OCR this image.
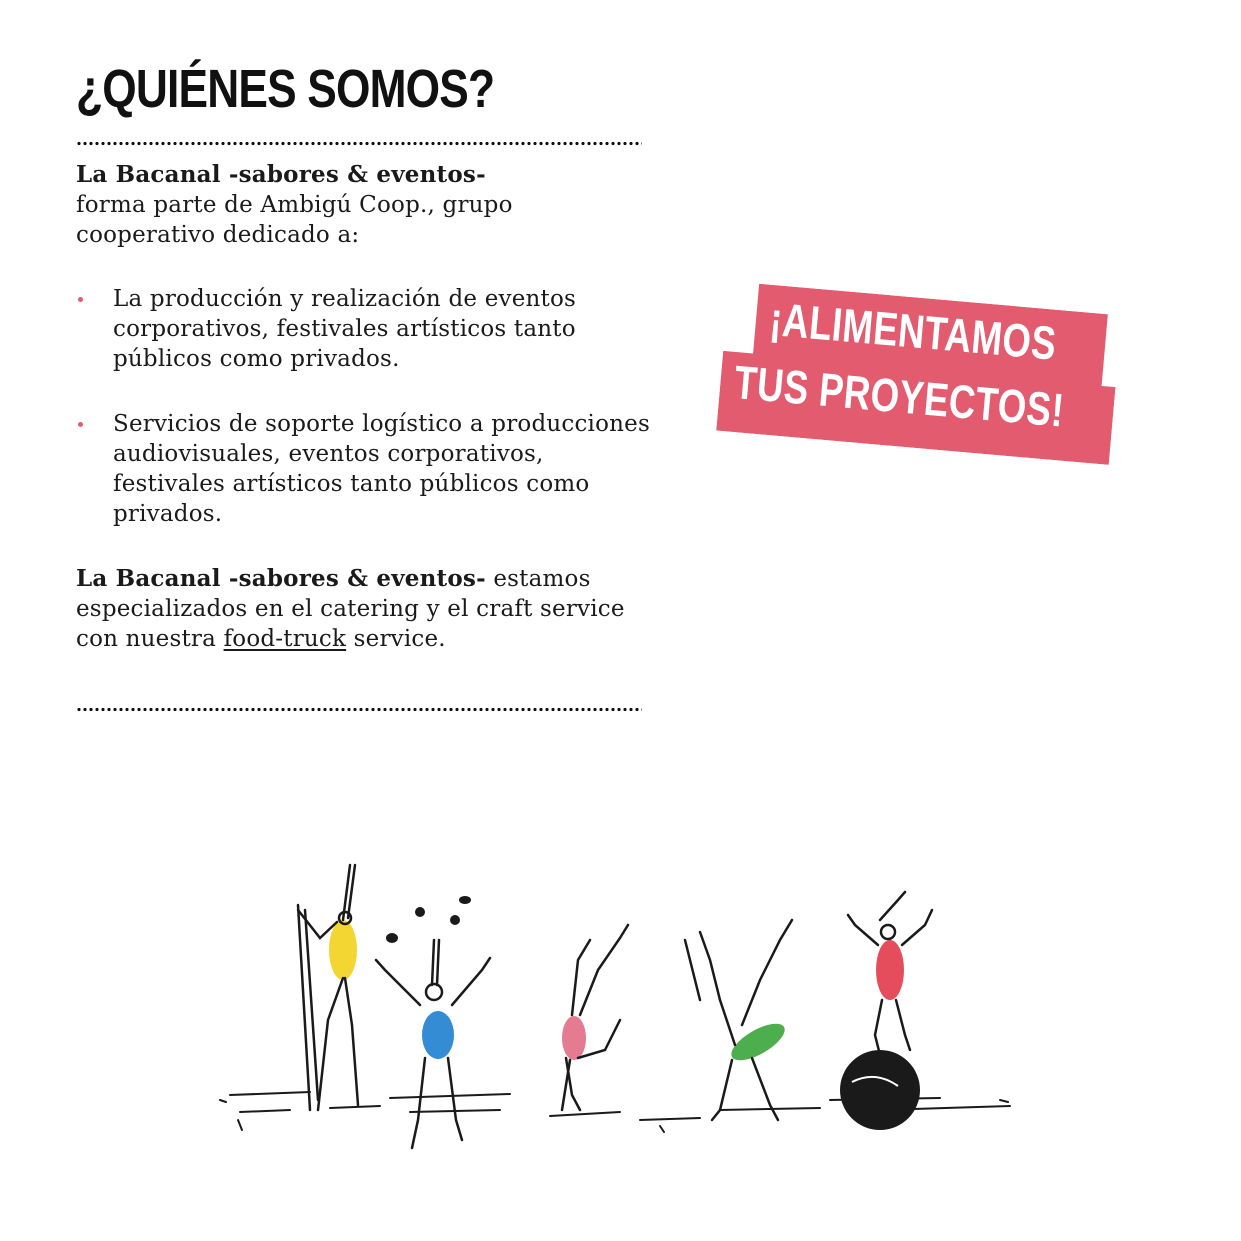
¿QUIÉNES SOMOS?

La Bacanal -sabores & eventos-
forma parte de Ambigú Coop., grupo cooperativo dedicado a:

La producción y realización de eventos corporativos, festivales artísticos tanto públicos como privados.
Servicios de soporte logístico a producciones audiovisuales, eventos corporativos, festivales artísticos tanto públicos como privados.

La Bacanal -sabores & eventos- estamos especializados en el catering y el craft service con nuestra food-truck service.

¡ALIMENTAMOS
TUS PROYECTOS!
